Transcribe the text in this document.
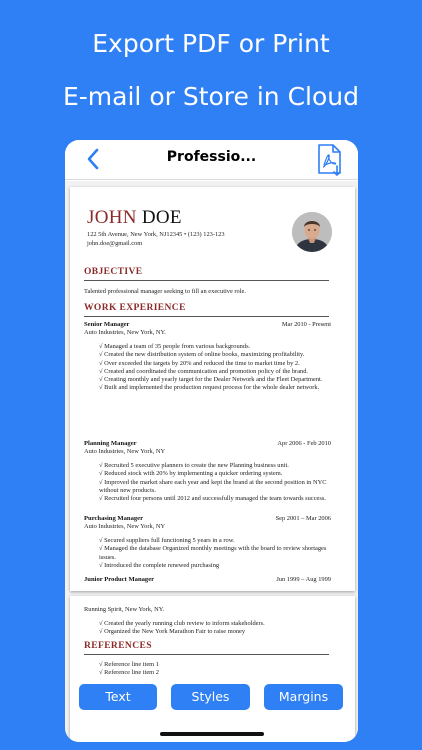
Export PDF or Print
E-mail or Store in Cloud
Professio...
JOHN DOE
122 5th Avenue, New York, NJ12345 • (123) 123-123
john.doe@gmail.com
OBJECTIVE
Talented professional manager seeking to fill an executive role.
WORK EXPERIENCE
Senior Manager	Mar 2010 - Present
Auto Industries, New York, NY.
√ Managed a team of 35 people from various backgrounds.
√ Created the new distribution system of online books, maximizing profitability.
√ Over exceeded the targets by 20% and reduced the time to market time by 2.
√ Created and coordinated the communication and promotion policy of the brand.
√ Creating monthly and yearly target for the Dealer Network and the Fleet Department.
√ Built and implemented the production request process for the whole dealer network.
Planning Manager	Apr 2006 - Feb 2010
Auto Industries, New York, NY
√ Recruited 5 executive planners to create the new Planning business unit.
√ Reduced stock with 20% by implementing a quicker ordering system.
√ Improved the market share each year and kept the brand at the second position in NYC without new products.
√ Recruited four persons until 2012 and successfully managed the team towards success.
Purchasing Manager	Sep 2001 – Mar 2006
Auto Industries, New York, NY
√ Secured suppliers full functioning 5 years in a row.
√ Managed the database Organized monthly meetings with the board to review shortages issues.
√ Introduced the complete renewed purchasing
Junior Product Manager	Jun 1999 – Aug 1999
Running Spirit, New York, NY.
√ Created the yearly running club review to inform stakeholders.
√ Organized the New York Marathon Fair to raise money
REFERENCES
√ Reference line item 1
√ Reference line item 2
Text	Styles	Margins
